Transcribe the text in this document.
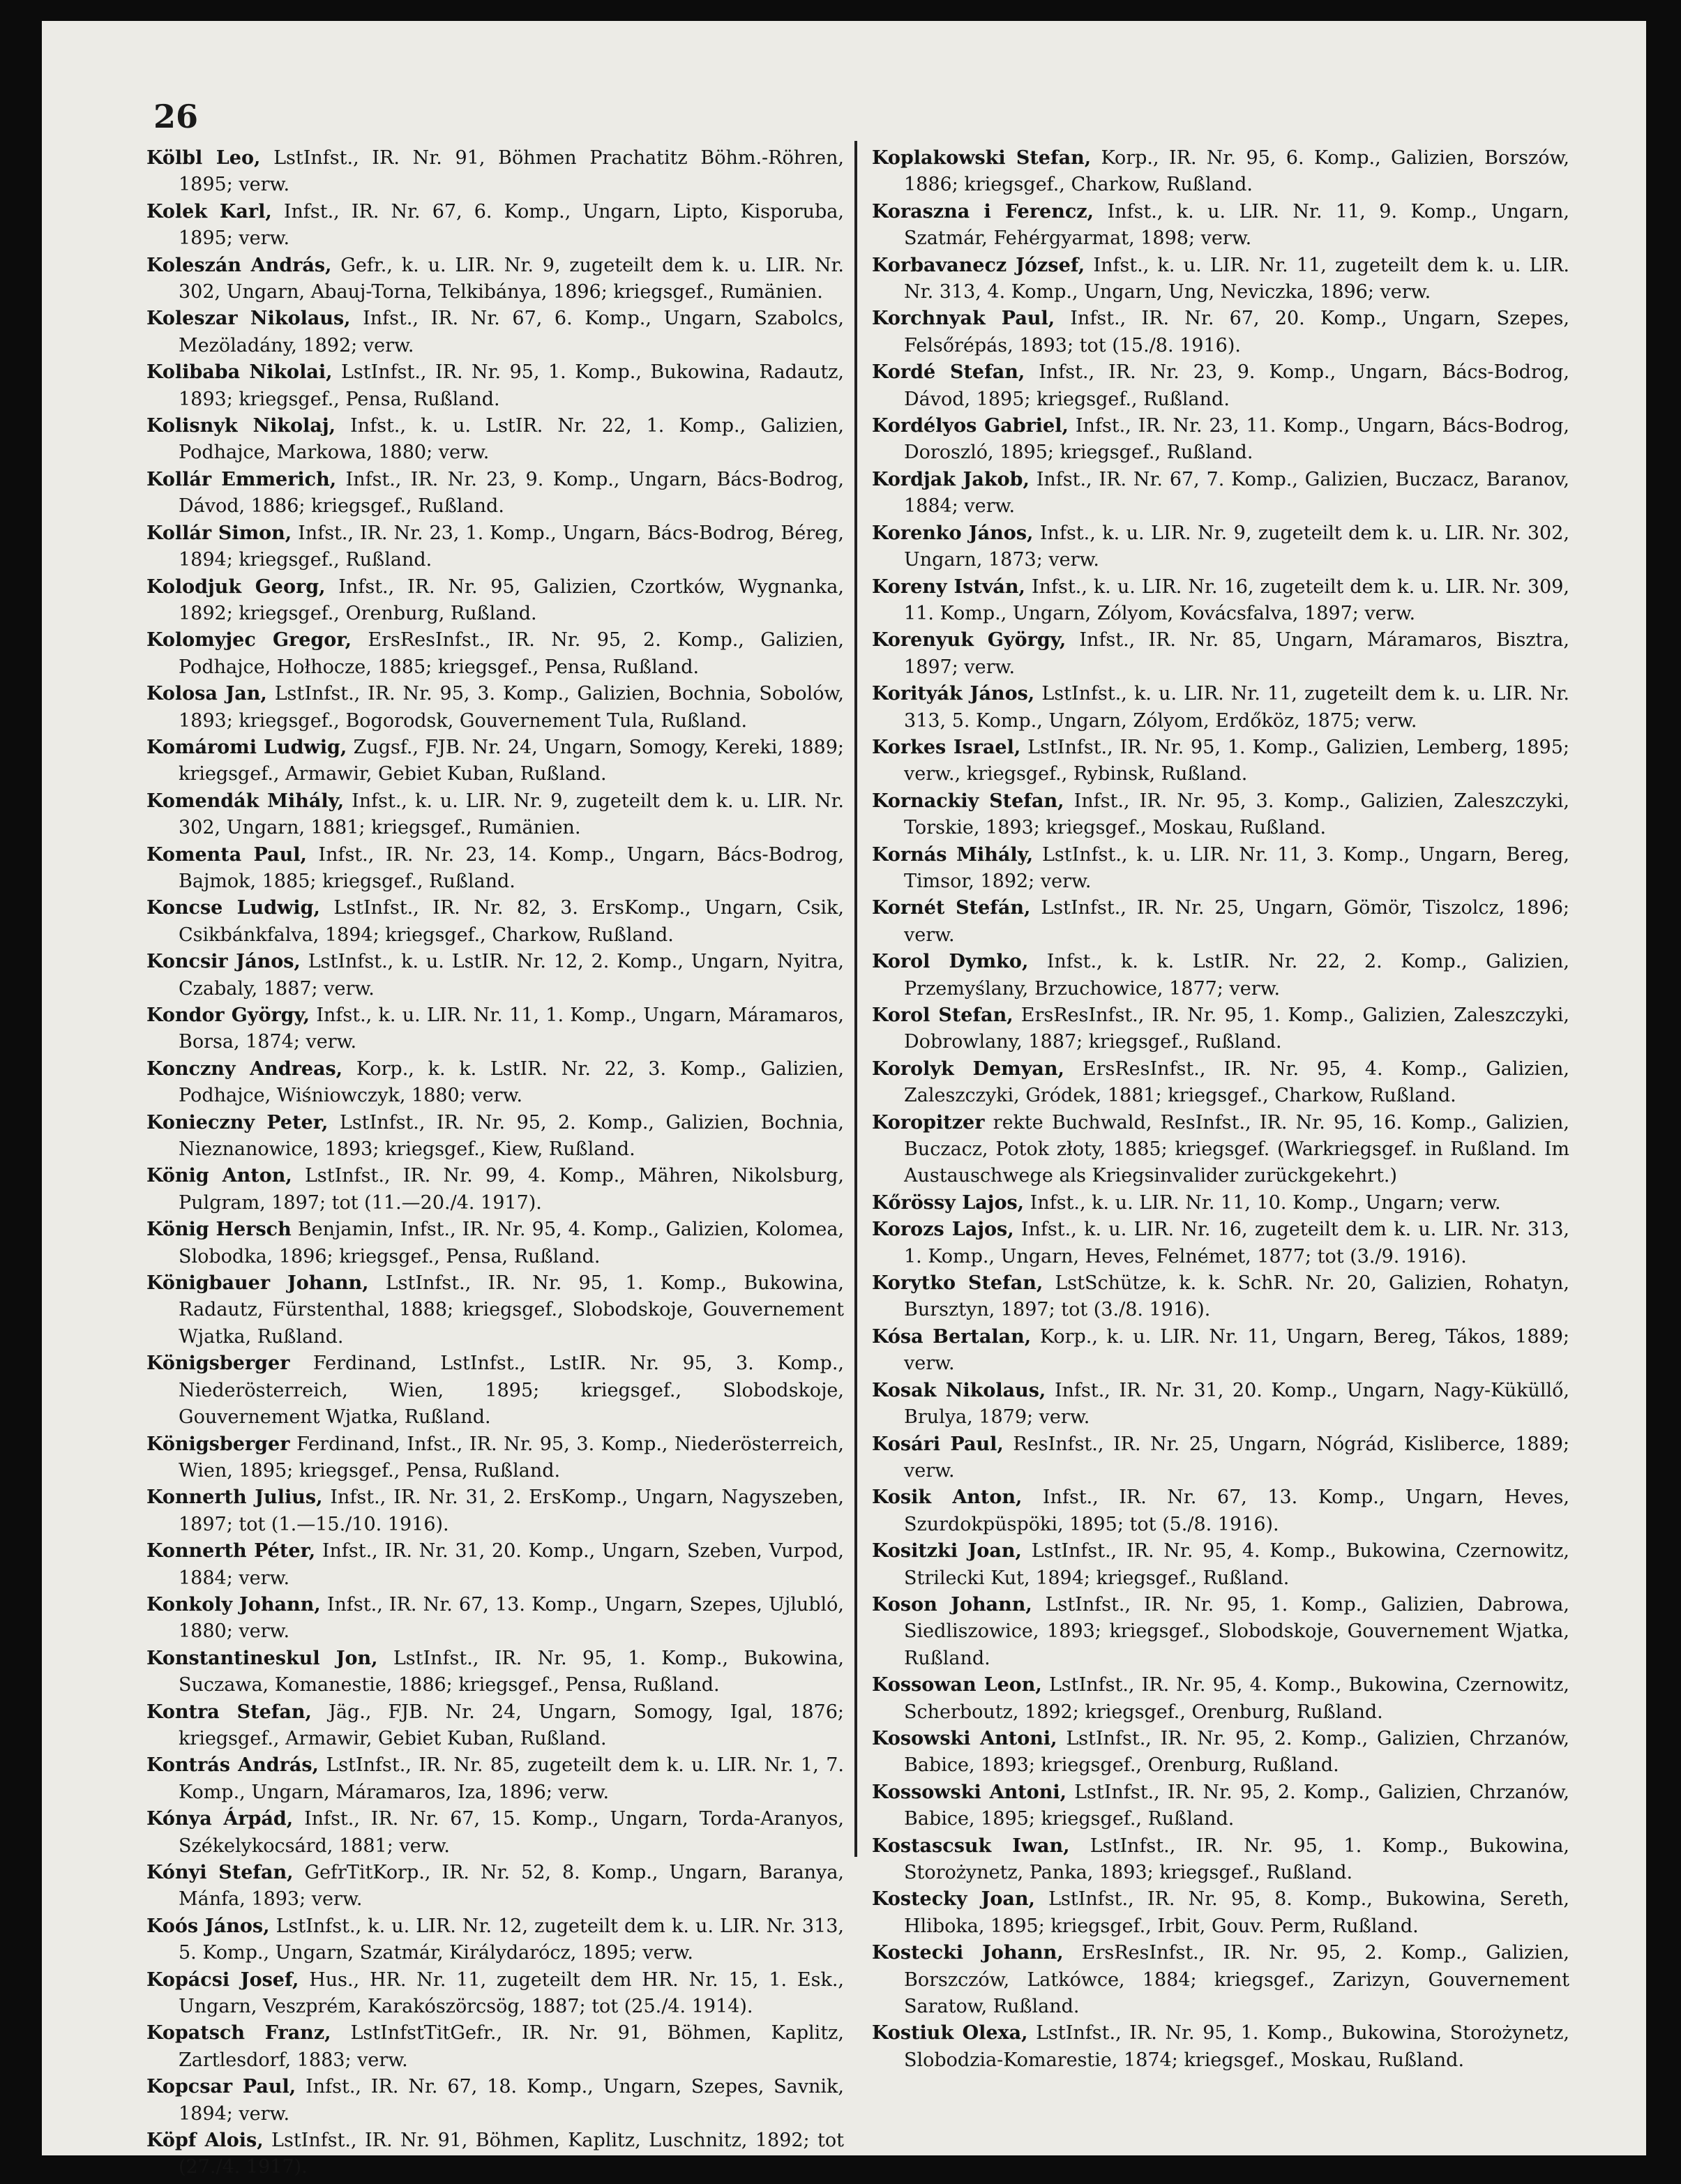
26

Kölbl Leo, LstInfst., IR. Nr. 91, Böhmen Prachatitz Böhm.-Röhren, 1895; verw.

Kolek Karl, Infst., IR. Nr. 67, 6. Komp., Ungarn, Lipto, Kisporuba, 1895; verw.

Koleszán András, Gefr., k. u. LIR. Nr. 9, zugeteilt dem k. u. LIR. Nr. 302, Ungarn, Abauj-Torna, Telkibánya, 1896; kriegsgef., Rumänien.

Koleszar Nikolaus, Infst., IR. Nr. 67, 6. Komp., Ungarn, Szabolcs, Mezöladány, 1892; verw.

Kolibaba Nikolai, LstInfst., IR. Nr. 95, 1. Komp., Bukowina, Radautz, 1893; kriegsgef., Pensa, Rußland.

Kolisnyk Nikolaj, Infst., k. u. LstIR. Nr. 22, 1. Komp., Galizien, Podhajce, Markowa, 1880; verw.

Kollár Emmerich, Infst., IR. Nr. 23, 9. Komp., Ungarn, Bács-Bodrog, Dávod, 1886; kriegsgef., Rußland.

Kollár Simon, Infst., IR. Nr. 23, 1. Komp., Ungarn, Bács-Bodrog, Béreg, 1894; kriegsgef., Rußland.

Kolodjuk Georg, Infst., IR. Nr. 95, Galizien, Czortków, Wygnanka, 1892; kriegsgef., Orenburg, Rußland.

Kolomyjec Gregor, ErsResInfst., IR. Nr. 95, 2. Komp., Galizien, Podhajce, Hołhocze, 1885; kriegsgef., Pensa, Rußland.

Kolosa Jan, LstInfst., IR. Nr. 95, 3. Komp., Galizien, Bochnia, Sobolów, 1893; kriegsgef., Bogorodsk, Gouvernement Tula, Rußland.

Komáromi Ludwig, Zugsf., FJB. Nr. 24, Ungarn, Somogy, Kereki, 1889; kriegsgef., Armawir, Gebiet Kuban, Rußland.

Komendák Mihály, Infst., k. u. LIR. Nr. 9, zugeteilt dem k. u. LIR. Nr. 302, Ungarn, 1881; kriegsgef., Rumänien.

Komenta Paul, Infst., IR. Nr. 23, 14. Komp., Ungarn, Bács-Bodrog, Bajmok, 1885; kriegsgef., Rußland.

Koncse Ludwig, LstInfst., IR. Nr. 82, 3. ErsKomp., Ungarn, Csik, Csikbánkfalva, 1894; kriegsgef., Charkow, Rußland.

Koncsir János, LstInfst., k. u. LstIR. Nr. 12, 2. Komp., Ungarn, Nyitra, Czabaly, 1887; verw.

Kondor György, Infst., k. u. LIR. Nr. 11, 1. Komp., Ungarn, Máramaros, Borsa, 1874; verw.

Konczny Andreas, Korp., k. k. LstIR. Nr. 22, 3. Komp., Galizien, Podhajce, Wiśniowczyk, 1880; verw.

Konieczny Peter, LstInfst., IR. Nr. 95, 2. Komp., Galizien, Bochnia, Nieznanowice, 1893; kriegsgef., Kiew, Rußland.

König Anton, LstInfst., IR. Nr. 99, 4. Komp., Mähren, Nikolsburg, Pulgram, 1897; tot (11.—20./4. 1917).

König Hersch Benjamin, Infst., IR. Nr. 95, 4. Komp., Galizien, Kolomea, Slobodka, 1896; kriegsgef., Pensa, Rußland.

Königbauer Johann, LstInfst., IR. Nr. 95, 1. Komp., Bukowina, Radautz, Fürstenthal, 1888; kriegsgef., Slobodskoje, Gouvernement Wjatka, Rußland.

Königsberger Ferdinand, LstInfst., LstIR. Nr. 95, 3. Komp., Niederösterreich, Wien, 1895; kriegsgef., Slobodskoje, Gouvernement Wjatka, Rußland.

Königsberger Ferdinand, Infst., IR. Nr. 95, 3. Komp., Niederösterreich, Wien, 1895; kriegsgef., Pensa, Rußland.

Konnerth Julius, Infst., IR. Nr. 31, 2. ErsKomp., Ungarn, Nagyszeben, 1897; tot (1.—15./10. 1916).

Konnerth Péter, Infst., IR. Nr. 31, 20. Komp., Ungarn, Szeben, Vurpod, 1884; verw.

Konkoly Johann, Infst., IR. Nr. 67, 13. Komp., Ungarn, Szepes, Ujlubló, 1880; verw.

Konstantineskul Jon, LstInfst., IR. Nr. 95, 1. Komp., Bukowina, Suczawa, Komanestie, 1886; kriegsgef., Pensa, Rußland.

Kontra Stefan, Jäg., FJB. Nr. 24, Ungarn, Somogy, Igal, 1876; kriegsgef., Armawir, Gebiet Kuban, Rußland.

Kontrás András, LstInfst., IR. Nr. 85, zugeteilt dem k. u. LIR. Nr. 1, 7. Komp., Ungarn, Máramaros, Iza, 1896; verw.

Kónya Árpád, Infst., IR. Nr. 67, 15. Komp., Ungarn, Torda-Aranyos, Székelykocsárd, 1881; verw.

Kónyi Stefan, GefrTitKorp., IR. Nr. 52, 8. Komp., Ungarn, Baranya, Mánfa, 1893; verw.

Koós János, LstInfst., k. u. LIR. Nr. 12, zugeteilt dem k. u. LIR. Nr. 313, 5. Komp., Ungarn, Szatmár, Királydarócz, 1895; verw.

Kopácsi Josef, Hus., HR. Nr. 11, zugeteilt dem HR. Nr. 15, 1. Esk., Ungarn, Veszprém, Karakószörcsög, 1887; tot (25./4. 1914).

Kopatsch Franz, LstInfstTitGefr., IR. Nr. 91, Böhmen, Kaplitz, Zartlesdorf, 1883; verw.

Kopcsar Paul, Infst., IR. Nr. 67, 18. Komp., Ungarn, Szepes, Savnik, 1894; verw.

Köpf Alois, LstInfst., IR. Nr. 91, Böhmen, Kaplitz, Luschnitz, 1892; tot (27./4. 1917).

Koplakowski Stefan, Korp., IR. Nr. 95, 6. Komp., Galizien, Borszów, 1886; kriegsgef., Charkow, Rußland.

Koraszna i Ferencz, Infst., k. u. LIR. Nr. 11, 9. Komp., Ungarn, Szatmár, Fehérgyarmat, 1898; verw.

Korbavanecz József, Infst., k. u. LIR. Nr. 11, zugeteilt dem k. u. LIR. Nr. 313, 4. Komp., Ungarn, Ung, Neviczka, 1896; verw.

Korchnyak Paul, Infst., IR. Nr. 67, 20. Komp., Ungarn, Szepes, Felsőrépás, 1893; tot (15./8. 1916).

Kordé Stefan, Infst., IR. Nr. 23, 9. Komp., Ungarn, Bács-Bodrog, Dávod, 1895; kriegsgef., Rußland.

Kordélyos Gabriel, Infst., IR. Nr. 23, 11. Komp., Ungarn, Bács-Bodrog, Doroszló, 1895; kriegsgef., Rußland.

Kordjak Jakob, Infst., IR. Nr. 67, 7. Komp., Galizien, Buczacz, Baranov, 1884; verw.

Korenko János, Infst., k. u. LIR. Nr. 9, zugeteilt dem k. u. LIR. Nr. 302, Ungarn, 1873; verw.

Koreny István, Infst., k. u. LIR. Nr. 16, zugeteilt dem k. u. LIR. Nr. 309, 11. Komp., Ungarn, Zólyom, Kovácsfalva, 1897; verw.

Korenyuk György, Infst., IR. Nr. 85, Ungarn, Máramaros, Bisztra, 1897; verw.

Korityák János, LstInfst., k. u. LIR. Nr. 11, zugeteilt dem k. u. LIR. Nr. 313, 5. Komp., Ungarn, Zólyom, Erdőköz, 1875; verw.

Korkes Israel, LstInfst., IR. Nr. 95, 1. Komp., Galizien, Lemberg, 1895; verw., kriegsgef., Rybinsk, Rußland.

Kornackiy Stefan, Infst., IR. Nr. 95, 3. Komp., Galizien, Zaleszczyki, Torskie, 1893; kriegsgef., Moskau, Rußland.

Kornás Mihály, LstInfst., k. u. LIR. Nr. 11, 3. Komp., Ungarn, Bereg, Timsor, 1892; verw.

Kornét Stefán, LstInfst., IR. Nr. 25, Ungarn, Gömör, Tiszolcz, 1896; verw.

Korol Dymko, Infst., k. k. LstIR. Nr. 22, 2. Komp., Galizien, Przemyślany, Brzuchowice, 1877; verw.

Korol Stefan, ErsResInfst., IR. Nr. 95, 1. Komp., Galizien, Zaleszczyki, Dobrowlany, 1887; kriegsgef., Rußland.

Korolyk Demyan, ErsResInfst., IR. Nr. 95, 4. Komp., Galizien, Zaleszczyki, Gródek, 1881; kriegsgef., Charkow, Rußland.

Koropitzer rekte Buchwald, ResInfst., IR. Nr. 95, 16. Komp., Galizien, Buczacz, Potok złoty, 1885; kriegsgef. (Warkriegsgef. in Rußland. Im Austauschwege als Kriegsinvalider zurückgekehrt.)

Kőrössy Lajos, Infst., k. u. LIR. Nr. 11, 10. Komp., Ungarn; verw.

Korozs Lajos, Infst., k. u. LIR. Nr. 16, zugeteilt dem k. u. LIR. Nr. 313, 1. Komp., Ungarn, Heves, Felnémet, 1877; tot (3./9. 1916).

Korytko Stefan, LstSchütze, k. k. SchR. Nr. 20, Galizien, Rohatyn, Bursztyn, 1897; tot (3./8. 1916).

Kósa Bertalan, Korp., k. u. LIR. Nr. 11, Ungarn, Bereg, Tákos, 1889; verw.

Kosak Nikolaus, Infst., IR. Nr. 31, 20. Komp., Ungarn, Nagy-Küküllő, Brulya, 1879; verw.

Kosári Paul, ResInfst., IR. Nr. 25, Ungarn, Nógrád, Kisliberce, 1889; verw.

Kosik Anton, Infst., IR. Nr. 67, 13. Komp., Ungarn, Heves, Szurdokpüspöki, 1895; tot (5./8. 1916).

Kositzki Joan, LstInfst., IR. Nr. 95, 4. Komp., Bukowina, Czernowitz, Strilecki Kut, 1894; kriegsgef., Rußland.

Koson Johann, LstInfst., IR. Nr. 95, 1. Komp., Galizien, Dabrowa, Siedliszowice, 1893; kriegsgef., Slobodskoje, Gouvernement Wjatka, Rußland.

Kossowan Leon, LstInfst., IR. Nr. 95, 4. Komp., Bukowina, Czernowitz, Scherboutz, 1892; kriegsgef., Orenburg, Rußland.

Kosowski Antoni, LstInfst., IR. Nr. 95, 2. Komp., Galizien, Chrzanów, Babice, 1893; kriegsgef., Orenburg, Rußland.

Kossowski Antoni, LstInfst., IR. Nr. 95, 2. Komp., Galizien, Chrzanów, Babice, 1895; kriegsgef., Rußland.

Kostascsuk Iwan, LstInfst., IR. Nr. 95, 1. Komp., Bukowina, Storożynetz, Panka, 1893; kriegsgef., Rußland.

Kostecky Joan, LstInfst., IR. Nr. 95, 8. Komp., Bukowina, Sereth, Hliboka, 1895; kriegsgef., Irbit, Gouv. Perm, Rußland.

Kostecki Johann, ErsResInfst., IR. Nr. 95, 2. Komp., Galizien, Borszczów, Latkówce, 1884; kriegsgef., Zarizyn, Gouvernement Saratow, Rußland.

Kostiuk Olexa, LstInfst., IR. Nr. 95, 1. Komp., Bukowina, Storożynetz, Slobodzia-Komarestie, 1874; kriegsgef., Moskau, Rußland.
